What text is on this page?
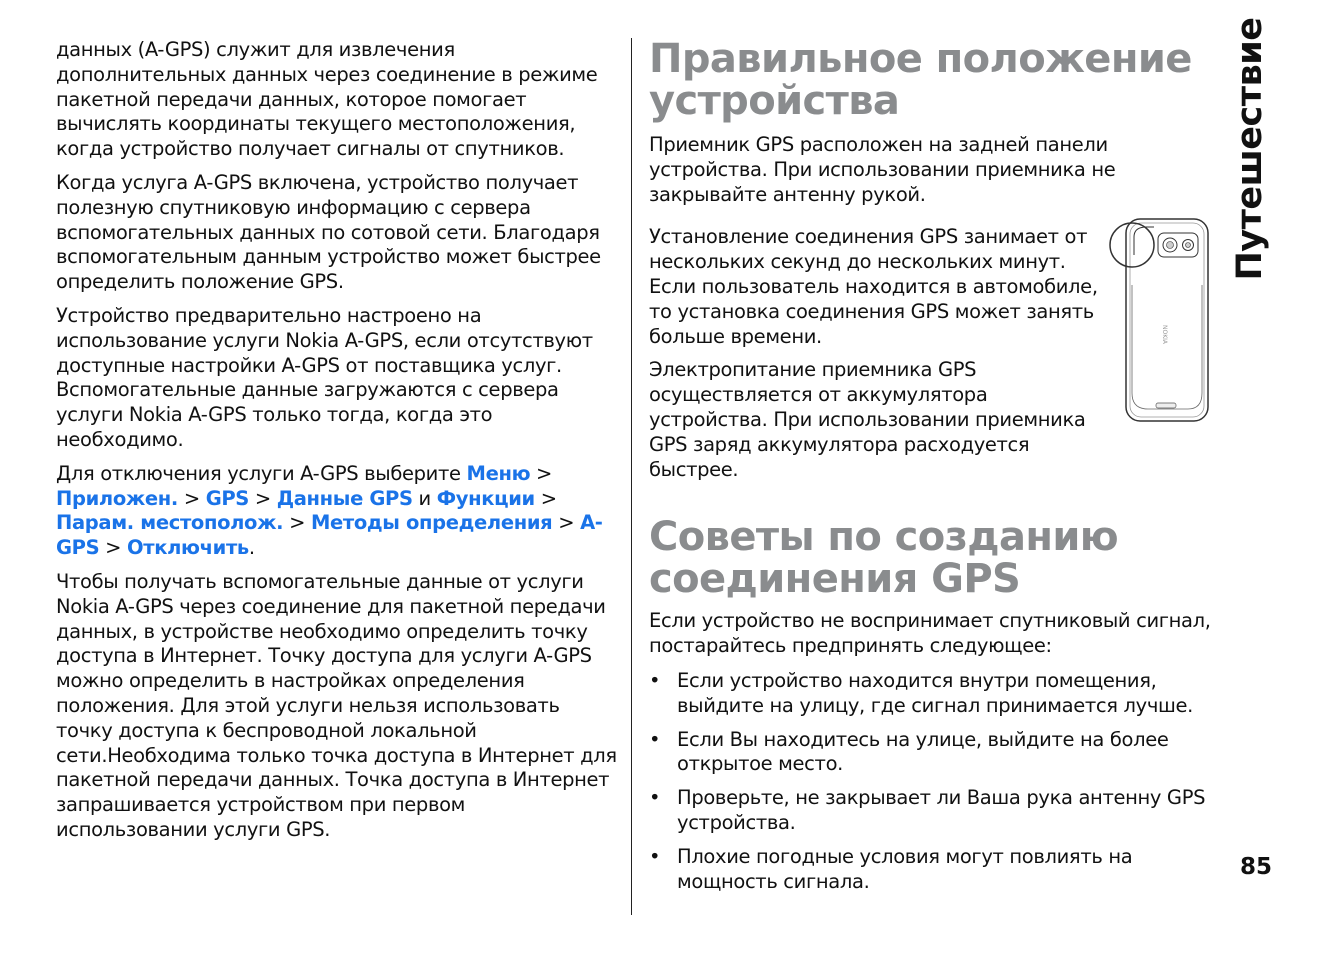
данных (A-GPS) служит для извлечения дополнительных данных через соединение в режиме пакетной передачи данных, которое помогает вычислять координаты текущего местоположения, когда устройство получает сигналы от спутников.

Когда услуга A-GPS включена, устройство получает полезную спутниковую информацию с сервера вспомогательных данных по сотовой сети. Благодаря вспомогательным данным устройство может быстрее определить положение GPS.

Устройство предварительно настроено на использование услуги Nokia A-GPS, если отсутствуют доступные настройки A-GPS от поставщика услуг. Вспомогательные данные загружаются с сервера услуги Nokia A-GPS только тогда, когда это необходимо.

Для отключения услуги A-GPS выберите Меню > Приложен. > GPS > Данные GPS и Функции > Парам. местополож. > Методы определения > A-GPS > Отключить.

Чтобы получать вспомогательные данные от услуги Nokia A-GPS через соединение для пакетной передачи данных, в устройстве необходимо определить точку доступа в Интернет. Точку доступа для услуги A-GPS можно определить в настройках определения положения. Для этой услуги нельзя использовать точку доступа к беспроводной локальной сети.Необходима только точка доступа в Интернет для пакетной передачи данных. Точка доступа в Интернет запрашивается устройством при первом использовании услуги GPS.

Правильное положение устройства

Приемник GPS расположен на задней панели устройства. При использовании приемника не закрывайте антенну рукой.

Установление соединения GPS занимает от нескольких секунд до нескольких минут. Если пользователь находится в автомобиле, то установка соединения GPS может занять больше времени.

Электропитание приемника GPS осуществляется от аккумулятора устройства. При использовании приемника GPS заряд аккумулятора расходуется быстрее.

Советы по созданию соединения GPS

Если устройство не воспринимает спутниковый сигнал, постарайтесь предпринять следующее:

• Если устройство находится внутри помещения, выйдите на улицу, где сигнал принимается лучше.
• Если Вы находитесь на улице, выйдите на более открытое место.
• Проверьте, не закрывает ли Ваша рука антенну GPS устройства.
• Плохие погодные условия могут повлиять на мощность сигнала.
NOKIA
Путешествие
85
